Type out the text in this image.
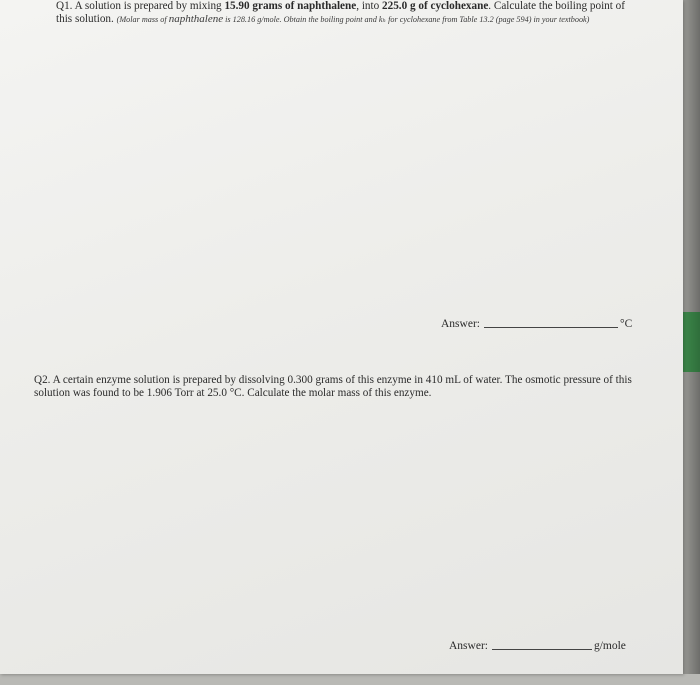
Q1. A solution is prepared by mixing 15.90 grams of naphthalene, into 225.0 g of cyclohexane. Calculate the boiling point of this solution. (Molar mass of naphthalene is 128.16 g/mole. Obtain the boiling point and kₕ for cyclohexane from Table 13.2 (page 594) in your textbook)
Answer:	°C
Q2. A certain enzyme solution is prepared by dissolving 0.300 grams of this enzyme in 410 mL of water. The osmotic pressure of this solution was found to be 1.906 Torr at 25.0 °C. Calculate the molar mass of this enzyme.
Answer:	g/mole
